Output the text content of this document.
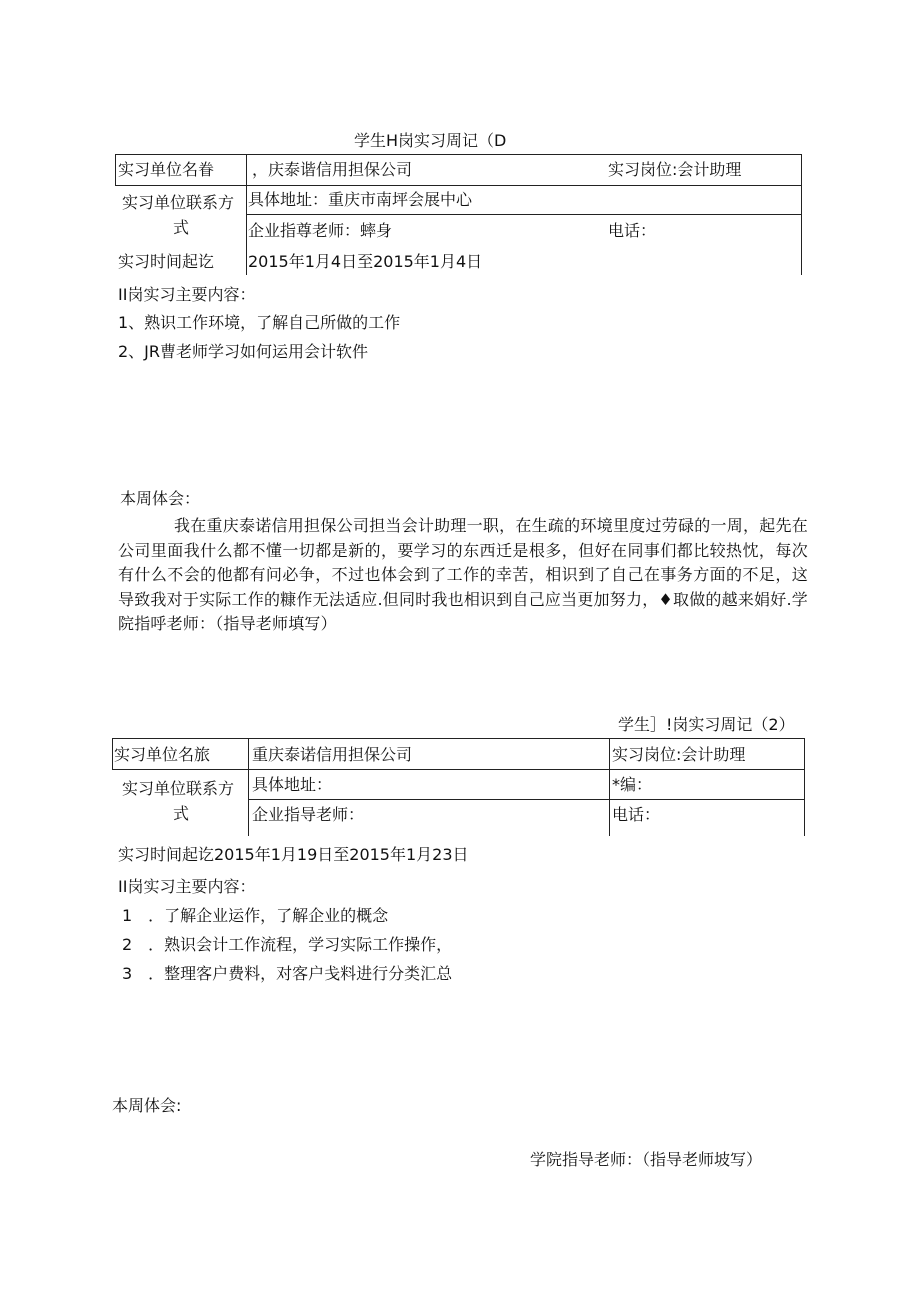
学生H岗实习周记（D
实习单位名眷 ，庆泰谐信用担保公司	实习岗位:会计助理
实习单位联系方
式
具体地址：重庆市南坪会展中心
企业指尊老师：蟀身	电话：
实习时间起讫 2015年1月4日至2015年1月4日
II岗实习主要内容：
1、熟识工作环境，了解自己所做的工作
2、JR曹老师学习如何运用会计软件
本周体会：
我在重庆泰诺信用担保公司担当会计助理一职，在生疏的环境里度过劳碌的一周，起先在公司里面我什么都不懂一切都是新的，要学习的东西迁是根多，但好在同事们都比较热忱，每次有什么不会的他都有问必争，不过也体会到了工作的幸苦，相识到了自己在事务方面的不足，这导致我对于实际工作的糠作无法适应.但同时我也相识到自己应当更加努力，♦取做的越来娟好.学院指呼老师：（指导老师填写）
学生］!岗实习周记（2）
实习单位名旅	重庆泰诺信用担保公司	实习岗位:会计助理
实习单位联系方
式
具体地址：	*编：
企业指导老师：	电话：
实习时间起讫2015年1月19日至2015年1月23日
II岗实习主要内容：
1　．了解企业运作，了解企业的概念
2　．熟识会计工作流程，学习实际工作操作，
3　．整理客户费料，对客户戋料进行分类汇总
本周体会:
学院指导老师：（指导老师坡写）
